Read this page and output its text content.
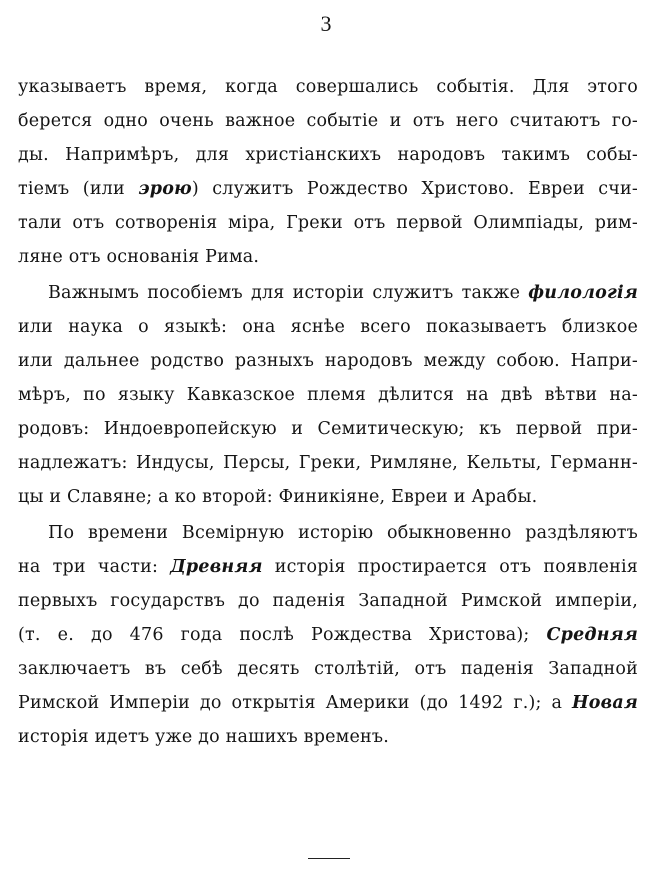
3
указываетъ время, когда совершались событія. Для этого
берется одно очень важное событіе и отъ него считаютъ го-
ды. Напримѣръ, для христіанскихъ народовъ такимъ собы-
тіемъ (или эрою) служитъ Рождество Христово. Евреи счи-
тали отъ сотворенія міра, Греки отъ первой Олимпіады, рим-
ляне отъ основанія Рима.
Важнымъ пособіемъ для исторіи служитъ также филологія
или наука о языкѣ: она яснѣе всего показываетъ близкое
или дальнее родство разныхъ народовъ между собою. Напри-
мѣръ, по языку Кавказское племя дѣлится на двѣ вѣтви на-
родовъ: Индоевропейскую и Семитическую; къ первой при-
надлежатъ: Индусы, Персы, Греки, Римляне, Кельты, Германн-
цы и Славяне; а ко второй: Финикіяне, Евреи и Арабы.
По времени Всемірную исторію обыкновенно раздѣляютъ
на три части: Древняя исторія простирается отъ появленія
первыхъ государствъ до паденія Западной Римской имперіи,
(т. е. до 476 года послѣ Рождества Христова); Средняя
заключаетъ въ себѣ десять столѣтій, отъ паденія Западной
Римской Имперіи до открытія Америки (до 1492 г.); а Новая
исторія идетъ уже до нашихъ временъ.
